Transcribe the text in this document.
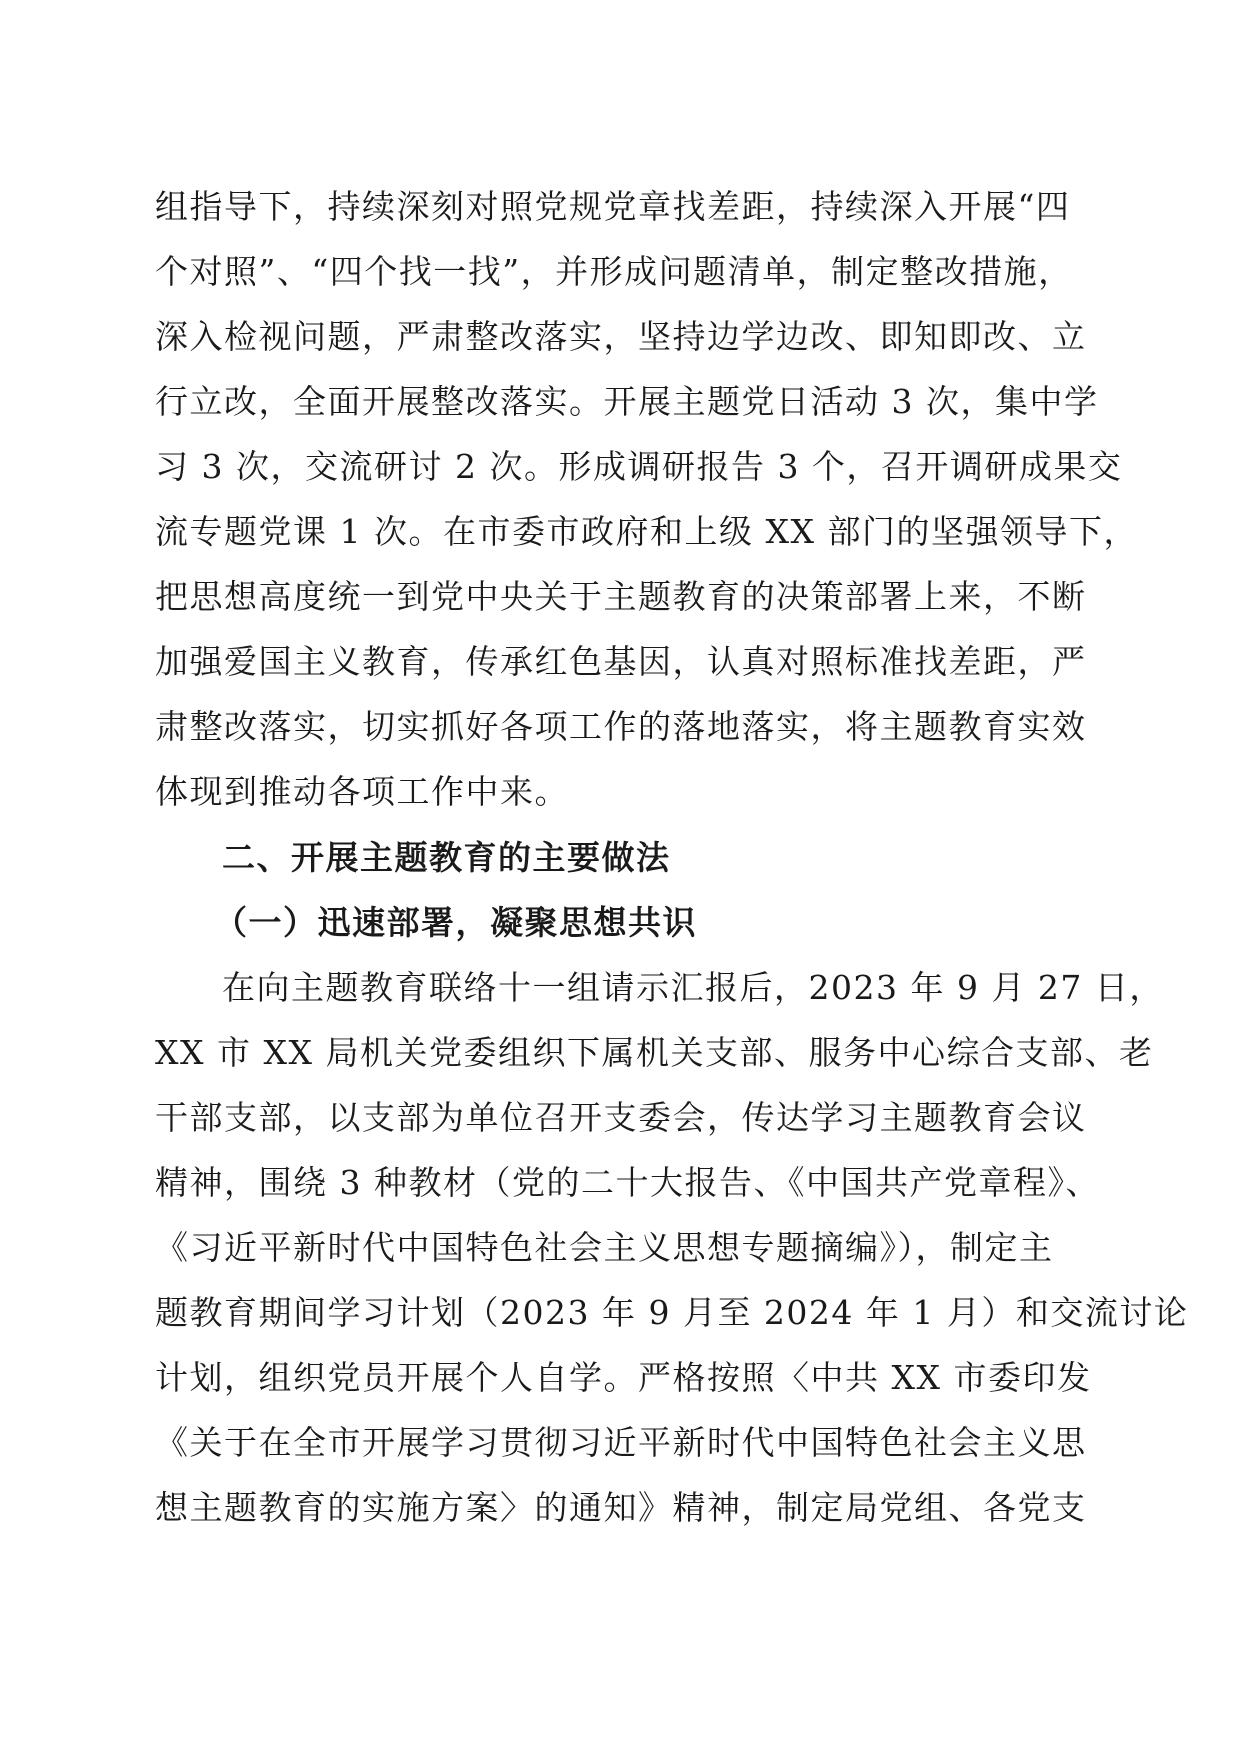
组指导下，持续深刻对照党规党章找差距，持续深入开展“四
个对照”、“四个找一找”，并形成问题清单，制定整改措施，
深入检视问题，严肃整改落实，坚持边学边改、即知即改、立
行立改，全面开展整改落实。开展主题党日活动 3 次，集中学
习 3 次，交流研讨 2 次。形成调研报告 3 个，召开调研成果交
流专题党课 1 次。在市委市政府和上级 XX 部门的坚强领导下，
把思想高度统一到党中央关于主题教育的决策部署上来，不断
加强爱国主义教育，传承红色基因，认真对照标准找差距，严
肃整改落实，切实抓好各项工作的落地落实，将主题教育实效
体现到推动各项工作中来。
二、开展主题教育的主要做法
（一）迅速部署，凝聚思想共识
在向主题教育联络十一组请示汇报后，2023 年 9 月 27 日，
XX 市 XX 局机关党委组织下属机关支部、服务中心综合支部、老
干部支部，以支部为单位召开支委会，传达学习主题教育会议
精神，围绕 3 种教材（党的二十大报告、《中国共产党章程》、
《习近平新时代中国特色社会主义思想专题摘编》），制定主
题教育期间学习计划（2023 年 9 月至 2024 年 1 月）和交流讨论
计划，组织党员开展个人自学。严格按照〈中共 XX 市委印发
《关于在全市开展学习贯彻习近平新时代中国特色社会主义思
想主题教育的实施方案〉的通知》精神，制定局党组、各党支
